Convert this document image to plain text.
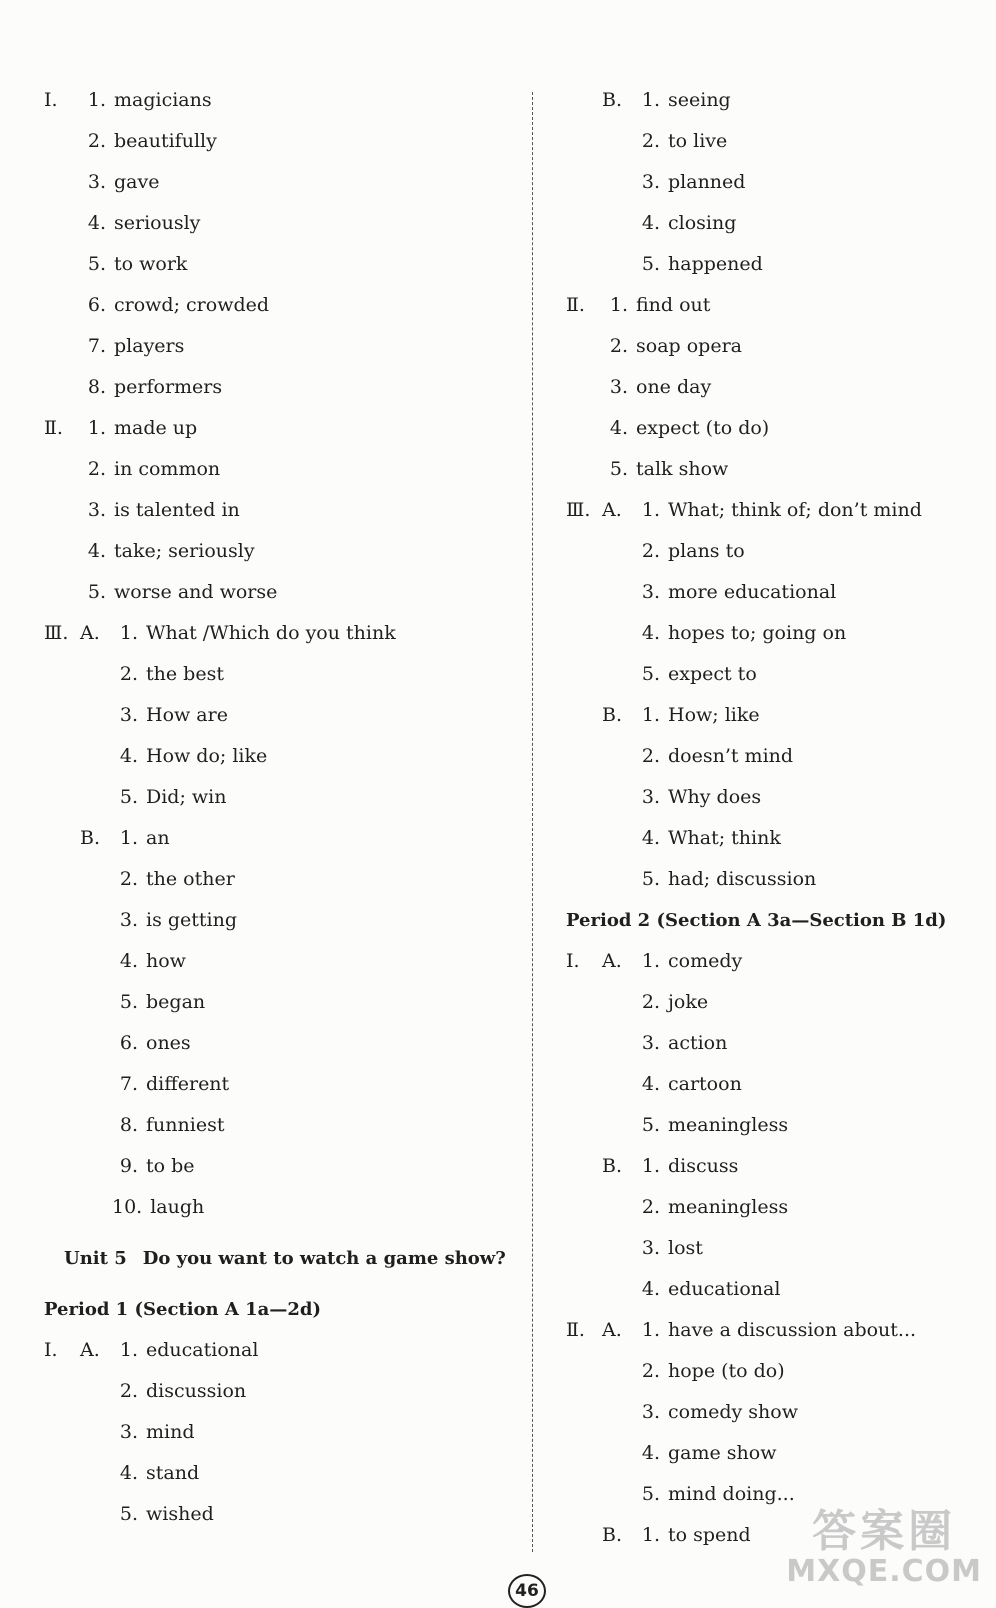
Ⅰ. 1. magicians
2. beautifully
3. gave
4. seriously
5. to work
6. crowd; crowded
7. players
8. performers
Ⅱ. 1. made up
2. in common
3. is talented in
4. take; seriously
5. worse and worse
Ⅲ. A. 1. What /Which do you think
2. the best
3. How are
4. How do; like
5. Did; win
B. 1. an
2. the other
3. is getting
4. how
5. began
6. ones
7. different
8. funniest
9. to be
10. laugh
Unit 5 Do you want to watch a game show?
Period 1 (Section A 1a—2d)
Ⅰ. A. 1. educational
2. discussion
3. mind
4. stand
5. wished
B. 1. seeing
2. to live
3. planned
4. closing
5. happened
Ⅱ. 1. find out
2. soap opera
3. one day
4. expect (to do)
5. talk show
Ⅲ. A. 1. What; think of; don’t mind
2. plans to
3. more educational
4. hopes to; going on
5. expect to
B. 1. How; like
2. doesn’t mind
3. Why does
4. What; think
5. had; discussion
Period 2 (Section A 3a—Section B 1d)
Ⅰ. A. 1. comedy
2. joke
3. action
4. cartoon
5. meaningless
B. 1. discuss
2. meaningless
3. lost
4. educational
Ⅱ. A. 1. have a discussion about...
2. hope (to do)
3. comedy show
4. game show
5. mind doing...
B. 1. to spend
46
答案圈
MXQE.COM
